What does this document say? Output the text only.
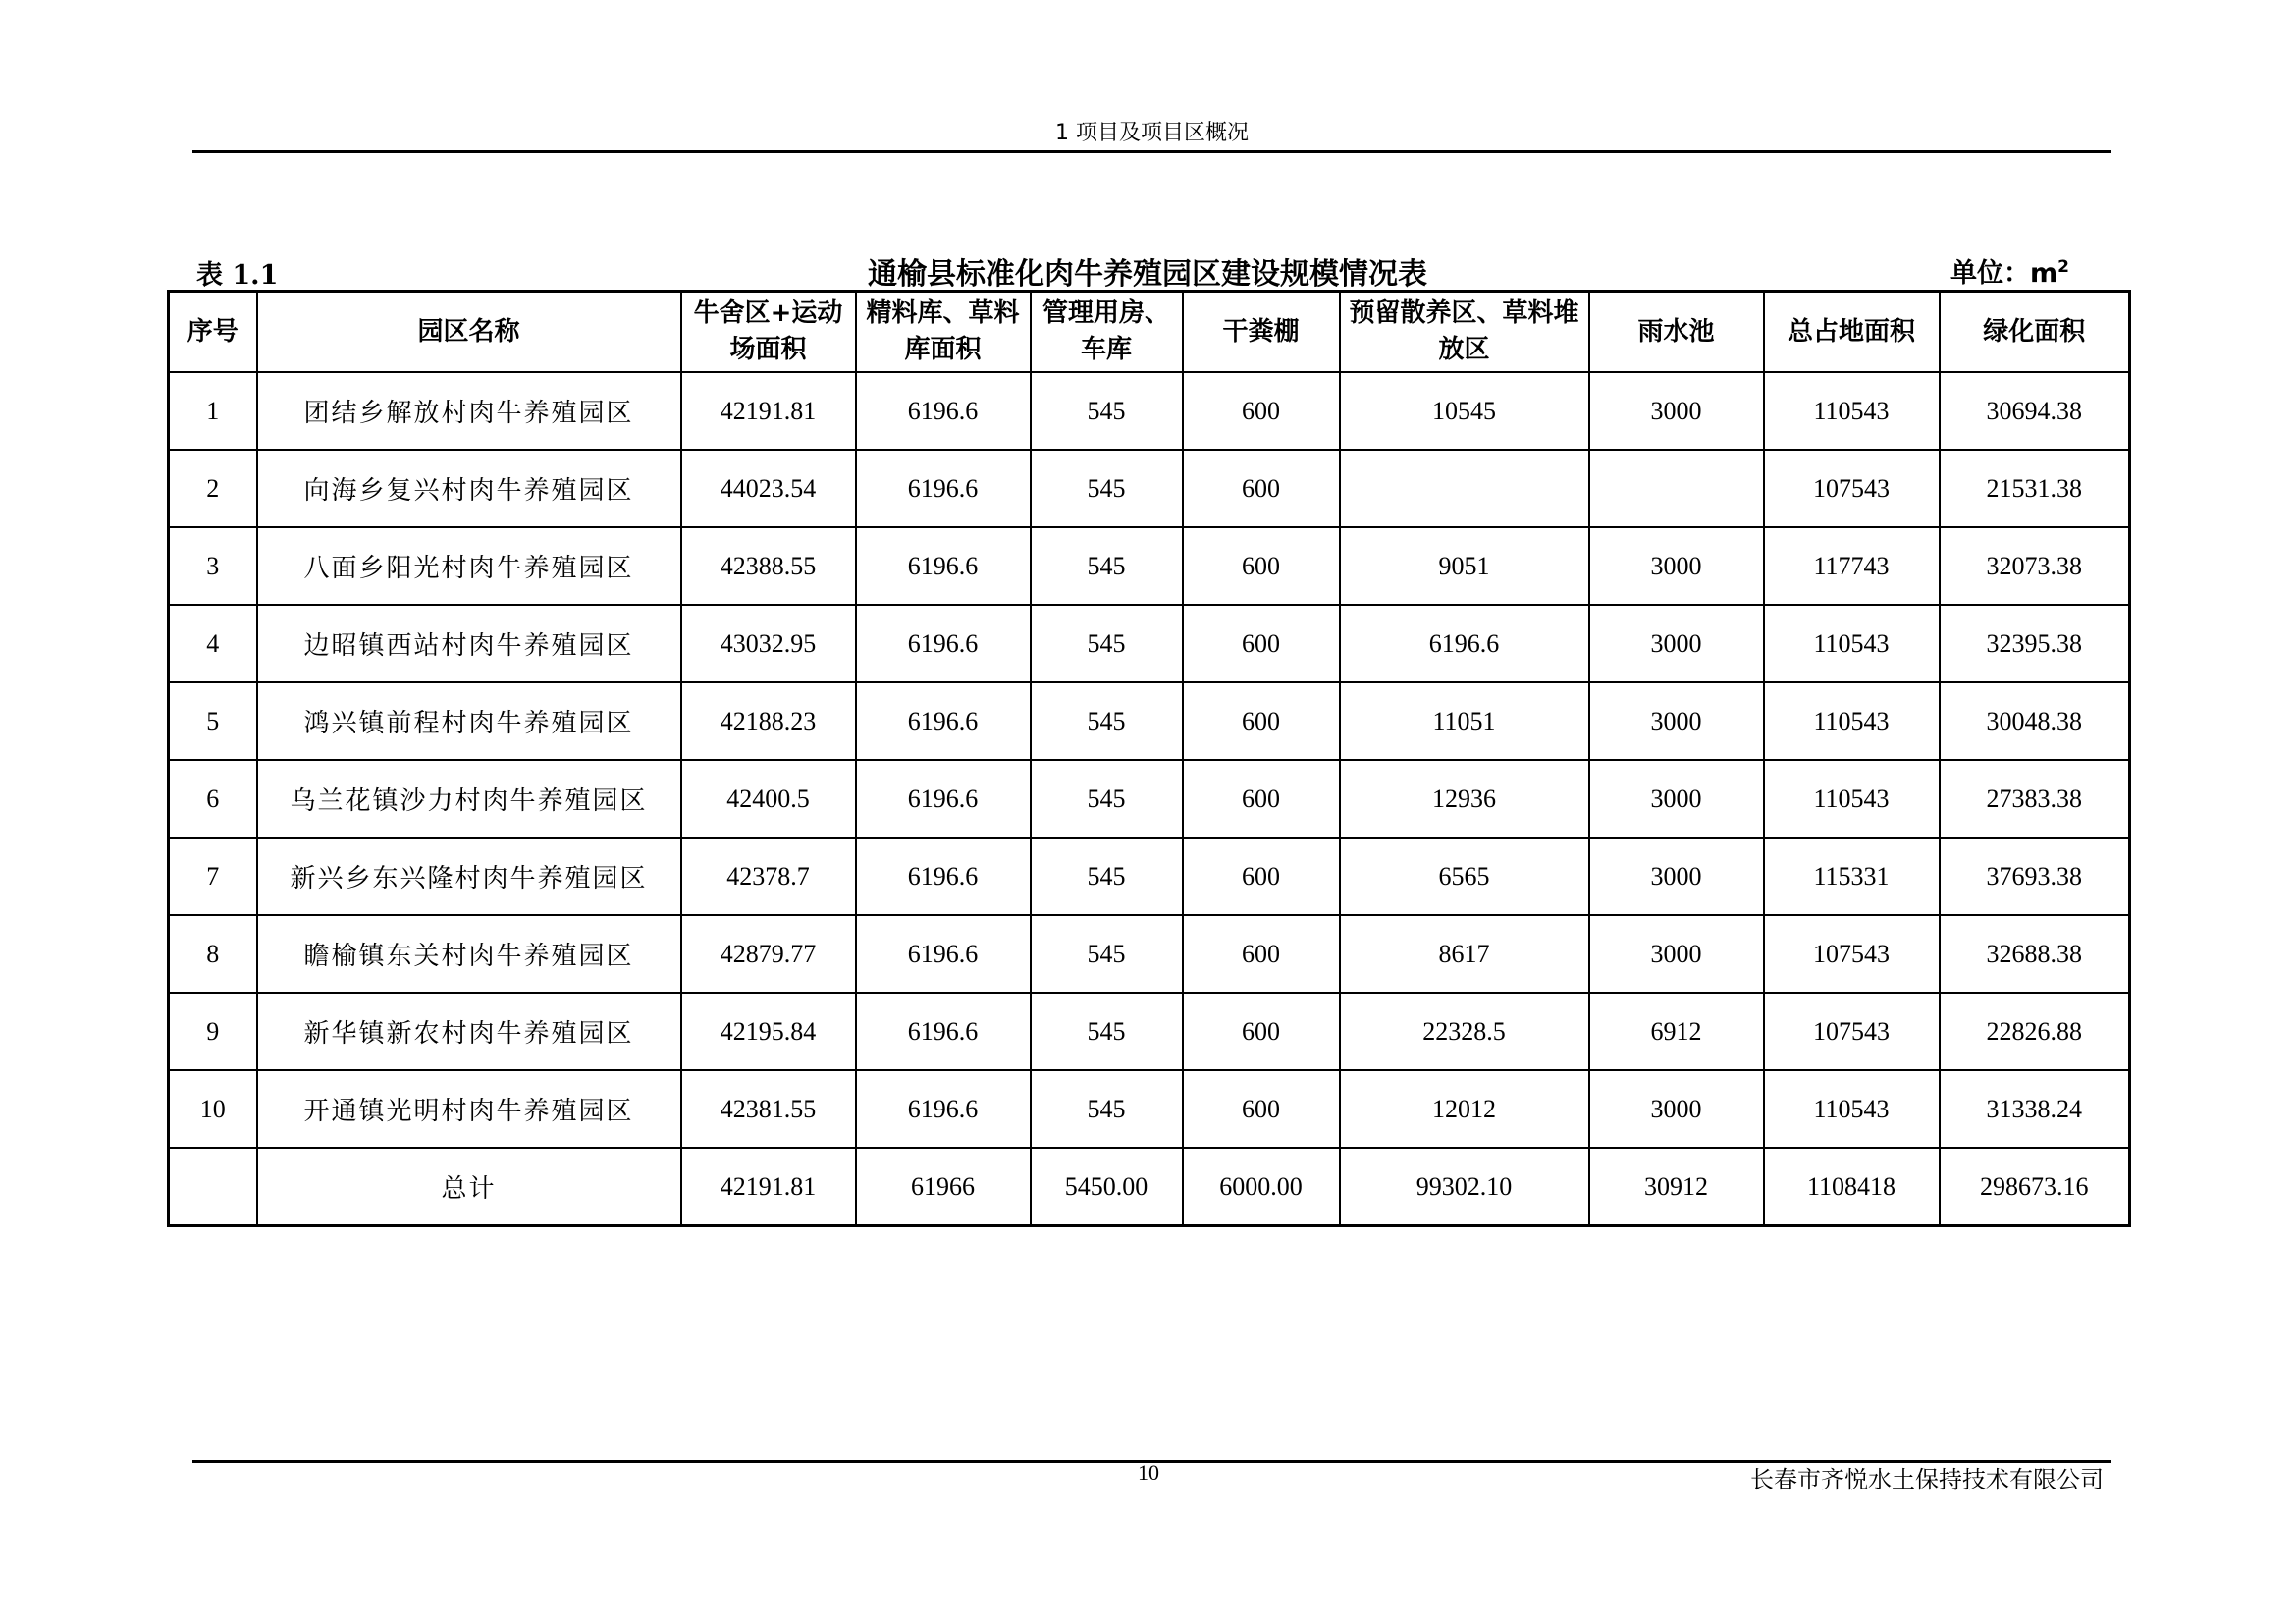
1 项目及项目区概况
表 1.1	通榆县标准化肉牛养殖园区建设规模情况表	单位：$m^2$
序号	园区名称	牛舍区+运动场面积	精料库、草料库面积	管理用房、车库	干粪棚	预留散养区、草料堆放区	雨水池	总占地面积	绿化面积
1	团结乡解放村肉牛养殖园区	42191.81	6196.6	545	600	10545	3000	110543	30694.38
2	向海乡复兴村肉牛养殖园区	44023.54	6196.6	545	600			107543	21531.38
3	八面乡阳光村肉牛养殖园区	42388.55	6196.6	545	600	9051	3000	117743	32073.38
4	边昭镇西站村肉牛养殖园区	43032.95	6196.6	545	600	6196.6	3000	110543	32395.38
5	鸿兴镇前程村肉牛养殖园区	42188.23	6196.6	545	600	11051	3000	110543	30048.38
6	乌兰花镇沙力村肉牛养殖园区	42400.5	6196.6	545	600	12936	3000	110543	27383.38
7	新兴乡东兴隆村肉牛养殖园区	42378.7	6196.6	545	600	6565	3000	115331	37693.38
8	瞻榆镇东关村肉牛养殖园区	42879.77	6196.6	545	600	8617	3000	107543	32688.38
9	新华镇新农村肉牛养殖园区	42195.84	6196.6	545	600	22328.5	6912	107543	22826.88
10	开通镇光明村肉牛养殖园区	42381.55	6196.6	545	600	12012	3000	110543	31338.24
	总计	42191.81	61966	5450.00	6000.00	99302.10	30912	1108418	298673.16
10	长春市齐悦水土保持技术有限公司
